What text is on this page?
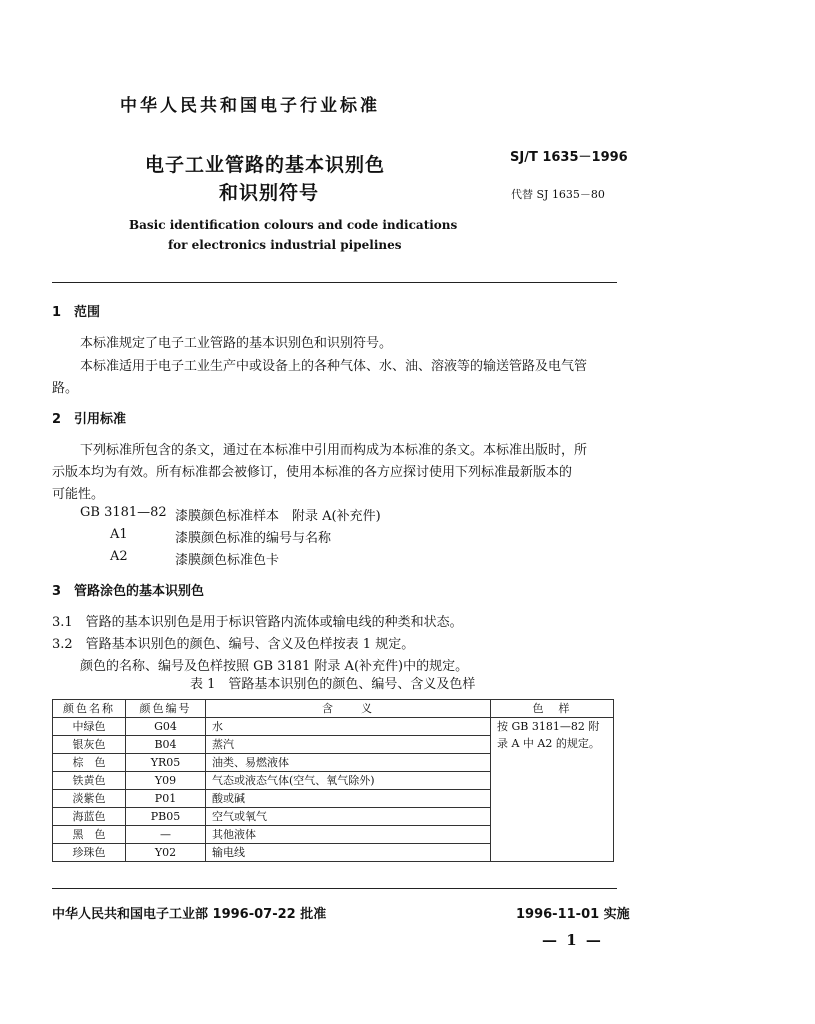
中华人民共和国电子行业标准
电子工业管路的基本识别色
和识别符号
SJ/T 1635－1996
代替 SJ 1635－80
Basic identification colours and code indications
for electronics industrial pipelines
1　范围
本标准规定了电子工业管路的基本识别色和识别符号。
本标准适用于电子工业生产中或设备上的各种气体、水、油、溶液等的输送管路及电气管
路。
2　引用标准
下列标准所包含的条文，通过在本标准中引用而构成为本标准的条文。本标准出版时，所
示版本均为有效。所有标准都会被修订，使用本标准的各方应探讨使用下列标准最新版本的
可能性。
GB 3181—82 漆膜颜色标准样本　附录 A(补充件)
A1	漆膜颜色标准的编号与名称
A2	漆膜颜色标准色卡
3　管路涂色的基本识别色
3.1　管路的基本识别色是用于标识管路内流体或输电线的种类和状态。
3.2　管路基本识别色的颜色、编号、含义及色样按表 1 规定。
颜色的名称、编号及色样按照 GB 3181 附录 A(补充件)中的规定。
表 1　管路基本识别色的颜色、编号、含义及色样
颜色名称	颜色编号	含　　义	色　样
中绿色	G04	水	按 GB 3181—82 附录 A 中 A2 的规定。
银灰色	B04	蒸汽	
棕　色	YR05	油类、易燃液体	
铁黄色	Y09	气态或液态气体(空气、氧气除外)	
淡紫色	P01	酸或碱	
海蓝色	PB05	空气或氧气	
黑　色	—	其他液体	
珍珠色	Y02	输电线	
中华人民共和国电子工业部 1996-07-22 批准	1996-11-01 实施
— 1 —
